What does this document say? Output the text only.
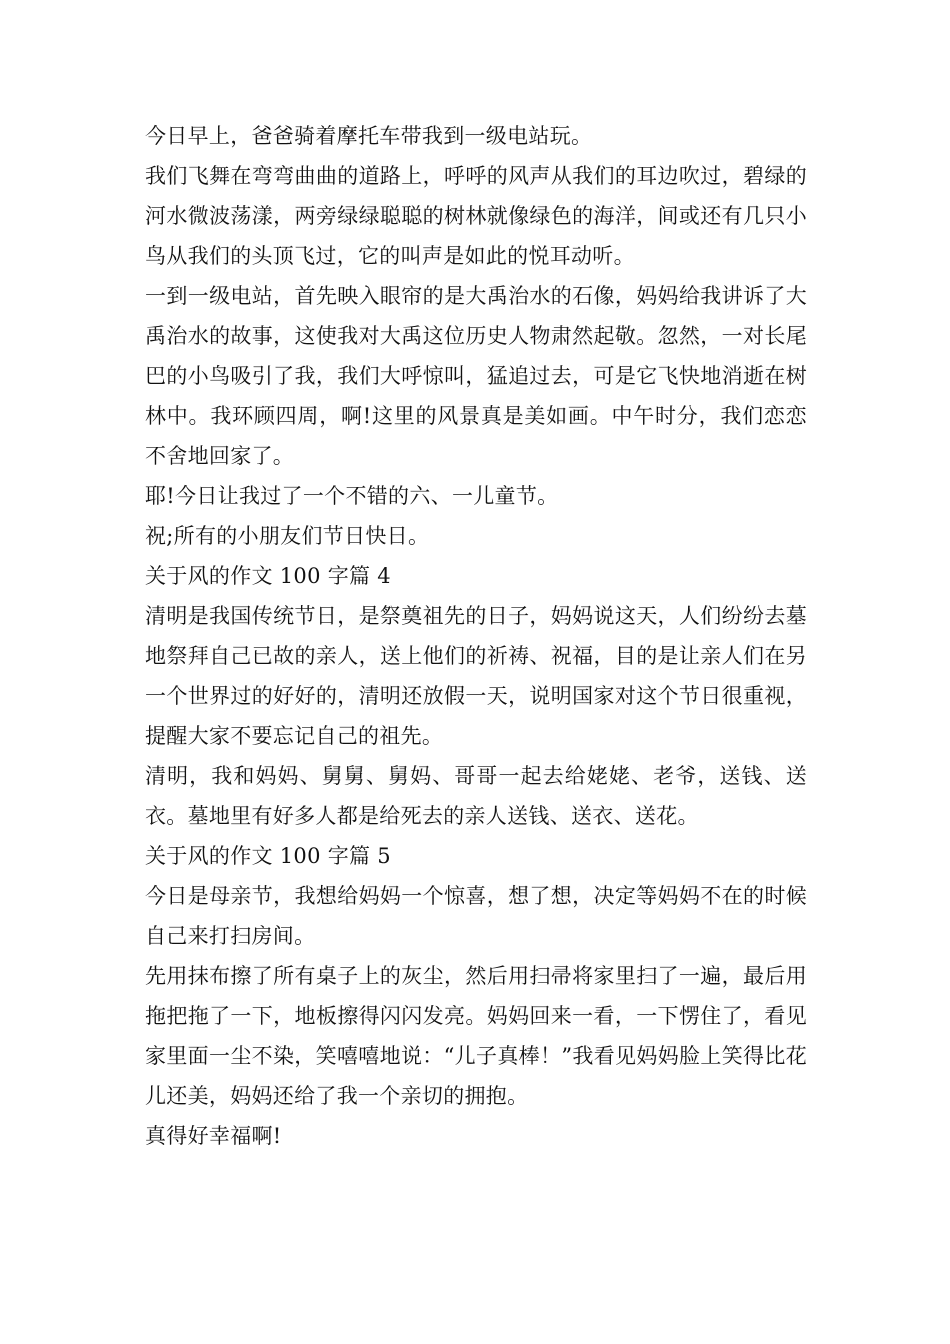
今日早上，爸爸骑着摩托车带我到一级电站玩。

我们飞舞在弯弯曲曲的道路上，呼呼的风声从我们的耳边吹过，碧绿的河水微波荡漾，两旁绿绿聪聪的树林就像绿色的海洋，间或还有几只小鸟从我们的头顶飞过，它的叫声是如此的悦耳动听。

一到一级电站，首先映入眼帘的是大禹治水的石像，妈妈给我讲诉了大禹治水的故事，这使我对大禹这位历史人物肃然起敬。忽然，一对长尾巴的小鸟吸引了我，我们大呼惊叫，猛追过去，可是它飞快地消逝在树林中。我环顾四周，啊!这里的风景真是美如画。中午时分，我们恋恋不舍地回家了。

耶!今日让我过了一个不错的六、一儿童节。

祝;所有的小朋友们节日快日。

关于风的作文 100 字篇 4

清明是我国传统节日，是祭奠祖先的日子，妈妈说这天，人们纷纷去墓地祭拜自己已故的亲人，送上他们的祈祷、祝福，目的是让亲人们在另一个世界过的好好的，清明还放假一天，说明国家对这个节日很重视，提醒大家不要忘记自己的祖先。

清明，我和妈妈、舅舅、舅妈、哥哥一起去给姥姥、老爷，送钱、送衣。墓地里有好多人都是给死去的亲人送钱、送衣、送花。

关于风的作文 100 字篇 5

今日是母亲节，我想给妈妈一个惊喜，想了想，决定等妈妈不在的时候自己来打扫房间。

先用抹布擦了所有桌子上的灰尘，然后用扫帚将家里扫了一遍，最后用拖把拖了一下，地板擦得闪闪发亮。妈妈回来一看，一下愣住了，看见家里面一尘不染，笑嘻嘻地说：“儿子真棒！”我看见妈妈脸上笑得比花儿还美，妈妈还给了我一个亲切的拥抱。

真得好幸福啊!
